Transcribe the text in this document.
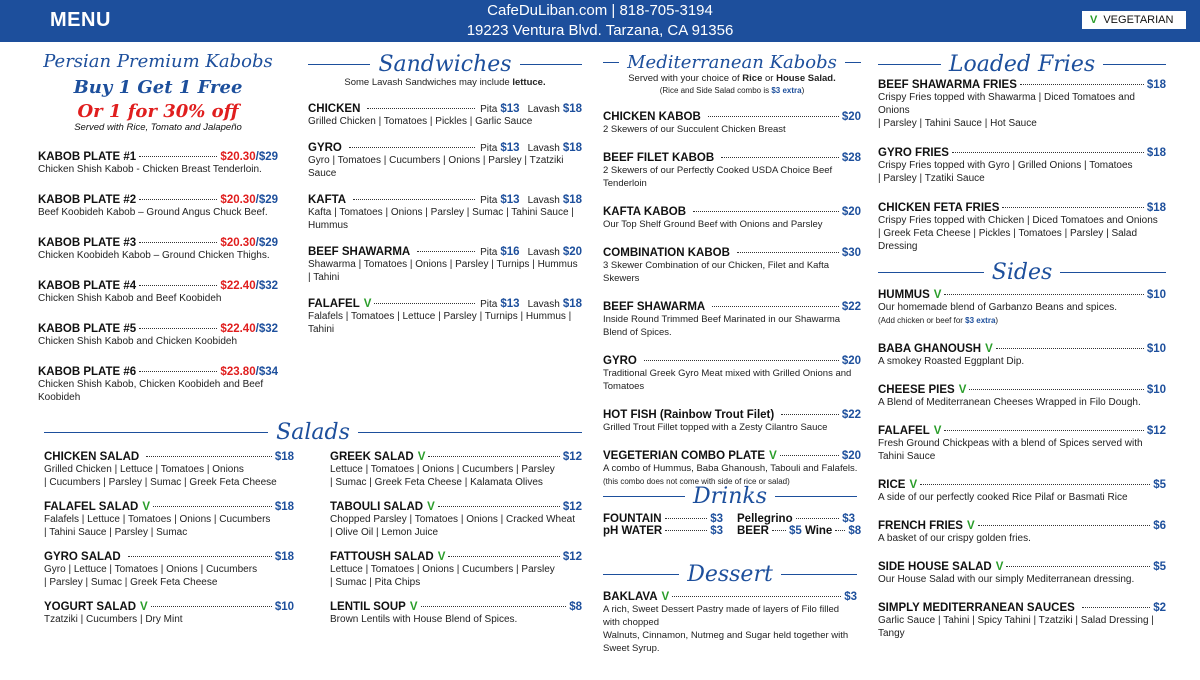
MENU	CafeDuLiban.com | 818-705-3194
19223 Ventura Blvd. Tarzana, CA 91356
V VEGETARIAN
Persian Premium Kabobs
Buy 1 Get 1 Free
Or 1 for 30% off
Served with Rice, Tomato and Jalapeño
KABOB PLATE #1	$20.30 / $29
Chicken Shish Kabob - Chicken Breast Tenderloin.
KABOB PLATE #2	$20.30 / $29
Beef Koobideh Kabob – Ground Angus Chuck Beef.
KABOB PLATE #3	$20.30 / $29
Chicken Koobideh Kabob – Ground Chicken Thighs.
KABOB PLATE #4	$22.40 / $32
Chicken Shish Kabob and Beef Koobideh
KABOB PLATE #5	$22.40 / $32
Chicken Shish Kabob and Chicken Koobideh
KABOB PLATE #6	$23.80 / $34
Chicken Shish Kabob, Chicken Koobideh and Beef Koobideh
Sandwiches
Some Lavash Sandwiches may include lettuce.
CHICKEN	Pita $13 Lavash $18
Grilled Chicken | Tomatoes | Pickles | Garlic Sauce
GYRO	Pita $13 Lavash $18
Gyro | Tomatoes | Cucumbers | Onions | Parsley | Tzatziki Sauce
KAFTA	Pita $13 Lavash $18
Kafta | Tomatoes | Onions | Parsley | Sumac | Tahini Sauce | Hummus
BEEF SHAWARMA	Pita $16 Lavash $20
Shawarma | Tomatoes | Onions | Parsley | Turnips | Hummus | Tahini
FALAFEL V	Pita $13 Lavash $18
Falafels | Tomatoes | Lettuce | Parsley | Turnips | Hummus | Tahini
Salads
CHICKEN SALAD	$18
Grilled Chicken | Lettuce | Tomatoes | Onions
| Cucumbers | Parsley | Sumac | Greek Feta Cheese
FALAFEL SALAD V	$18
Falafels | Lettuce | Tomatoes | Onions | Cucumbers
| Tahini Sauce | Parsley | Sumac
GYRO SALAD	$18
Gyro | Lettuce | Tomatoes | Onions | Cucumbers
| Parsley | Sumac | Greek Feta Cheese
YOGURT SALAD V	$10
Tzatziki | Cucumbers | Dry Mint
GREEK SALAD V	$12
Lettuce | Tomatoes | Onions | Cucumbers | Parsley
| Sumac | Greek Feta Cheese | Kalamata Olives
TABOULI SALAD V	$12
Chopped Parsley | Tomatoes | Onions | Cracked Wheat
| Olive Oil | Lemon Juice
FATTOUSH SALAD V	$12
Lettuce | Tomatoes | Onions | Cucumbers | Parsley
| Sumac | Pita Chips
LENTIL SOUP V	$8
Brown Lentils with House Blend of Spices.
Mediterranean Kabobs
Served with your choice of Rice or House Salad.
(Rice and Side Salad combo is $3 extra)
CHICKEN KABOB	$20
2 Skewers of our Succulent Chicken Breast
BEEF FILET KABOB	$28
2 Skewers of our Perfectly Cooked USDA Choice Beef Tenderloin
KAFTA KABOB	$20
Our Top Shelf Ground Beef with Onions and Parsley
COMBINATION KABOB	$30
3 Skewer Combination of our Chicken, Filet and Kafta Skewers
BEEF SHAWARMA	$22
Inside Round Trimmed Beef Marinated in our Shawarma Blend of Spices.
GYRO	$20
Traditional Greek Gyro Meat mixed with Grilled Onions and Tomatoes
HOT FISH (Rainbow Trout Filet)	$22
Grilled Trout Fillet topped with a Zesty Cilantro Sauce
VEGETERIAN COMBO PLATE V	$20
A combo of Hummus, Baba Ghanoush, Tabouli and Falafels.
(this combo does not come with side of rice or salad)
Drinks
FOUNTAIN	$3
pH WATER	$3
Pellegrino	$3
BEER $5
Wine $8
Dessert
BAKLAVA V	$3
A rich, Sweet Dessert Pastry made of layers of Filo filled with chopped
Walnuts, Cinnamon, Nutmeg and Sugar held together with Sweet Syrup.
Loaded Fries
BEEF SHAWARMA FRIES	$18
Crispy Fries topped with Shawarma | Diced Tomatoes and Onions
| Parsley | Tahini Sauce | Hot Sauce
GYRO FRIES	$18
Crispy Fries topped with Gyro | Grilled Onions | Tomatoes
| Parsley | Tzatiki Sauce
CHICKEN FETA FRIES	$18
Crispy Fries topped with Chicken | Diced Tomatoes and Onions
| Greek Feta Cheese | Pickles | Tomatoes | Parsley | Salad Dressing
Sides
HUMMUS V	$10
Our homemade blend of Garbanzo Beans and spices.
(Add chicken or beef for $3 extra)
BABA GHANOUSH V	$10
A smokey Roasted Eggplant Dip.
CHEESE PIES V	$10
A Blend of Mediterranean Cheeses Wrapped in Filo Dough.
FALAFEL V	$12
Fresh Ground Chickpeas with a blend of Spices served with Tahini Sauce
RICE V	$5
A side of our perfectly cooked Rice Pilaf or Basmati Rice
FRENCH FRIES V	$6
A basket of our crispy golden fries.
SIDE HOUSE SALAD V	$5
Our House Salad with our simply Mediterranean dressing.
SIMPLY MEDITERRANEAN SAUCES	$2
Garlic Sauce | Tahini | Spicy Tahini | Tzatziki | Salad Dressing | Tangy
